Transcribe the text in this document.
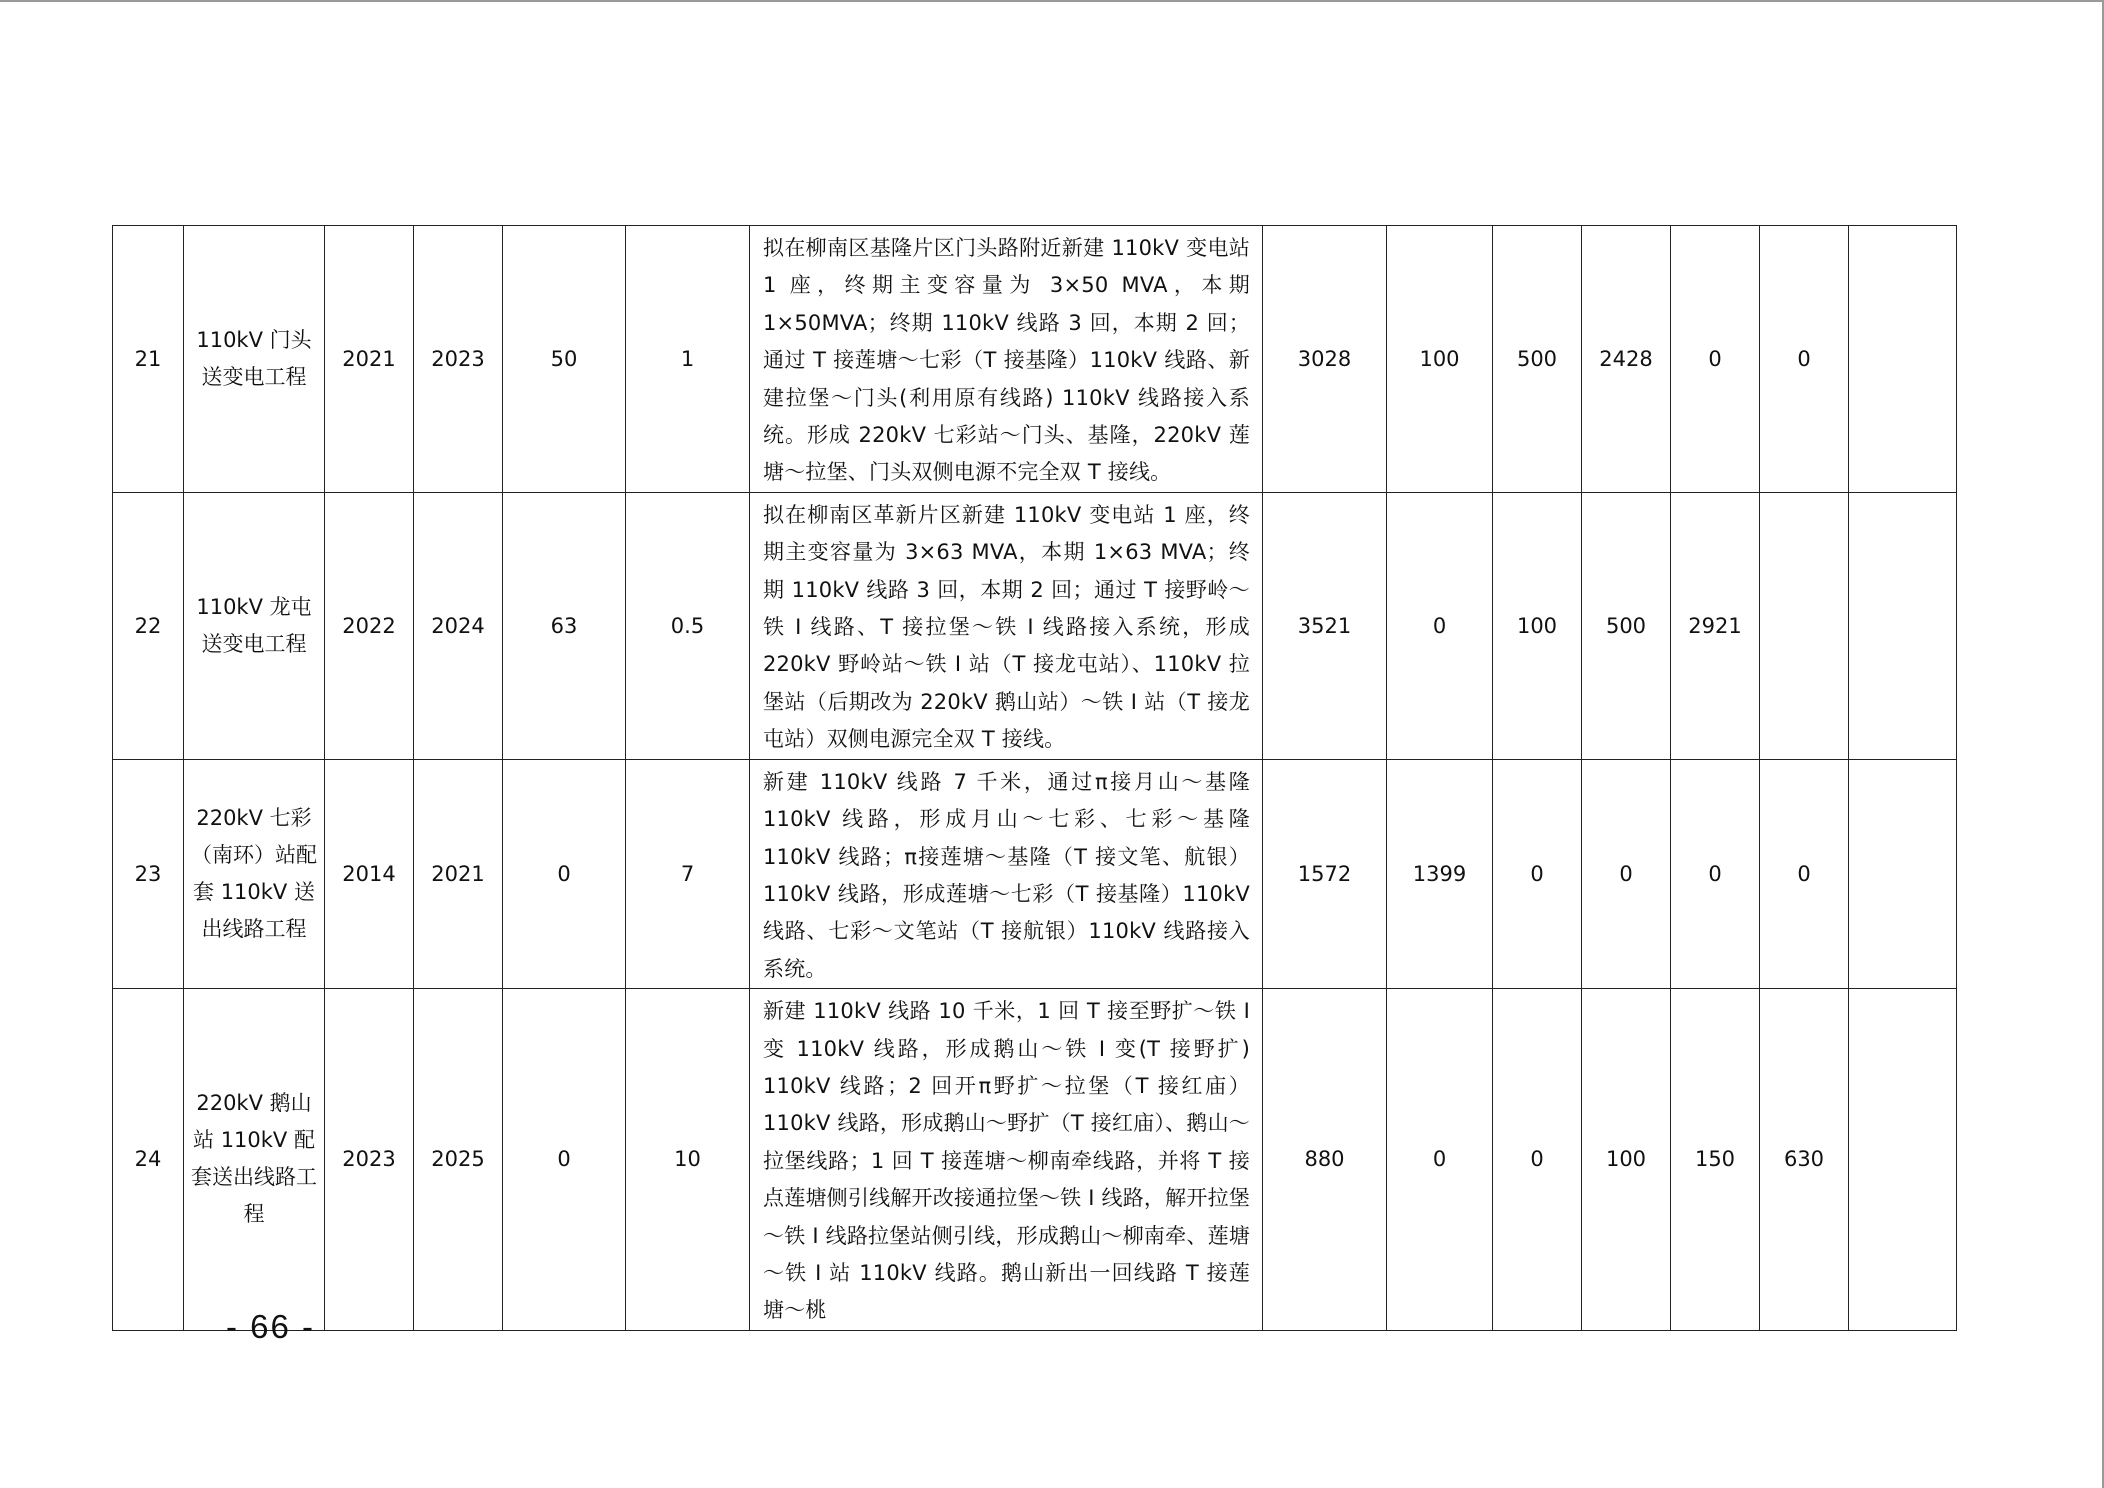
21	110kV 门头送变电工程	2021	2023	50	1	拟在柳南区基隆片区门头路附近新建 110kV 变电站 1 座，终期主变容量为 3×50 MVA，本期 1×50MVA；终期 110kV 线路 3 回，本期 2 回；通过 T 接莲塘～七彩（T 接基隆）110kV 线路、新建拉堡～门头(利用原有线路) 110kV 线路接入系统。形成 220kV 七彩站～门头、基隆，220kV 莲塘～拉堡、门头双侧电源不完全双 T 接线。	3028	100	500	2428	0	0	
22	110kV 龙屯送变电工程	2022	2024	63	0.5	拟在柳南区革新片区新建 110kV 变电站 1 座，终期主变容量为 3×63 MVA，本期 1×63 MVA；终期 110kV 线路 3 回，本期 2 回；通过 T 接野岭～铁 I 线路、T 接拉堡～铁 I 线路接入系统，形成 220kV 野岭站～铁 I 站（T 接龙屯站）、110kV 拉堡站（后期改为 220kV 鹅山站）～铁 I 站（T 接龙屯站）双侧电源完全双 T 接线。	3521	0	100	500	2921		
23	220kV 七彩（南环）站配套 110kV 送出线路工程	2014	2021	0	7	新建 110kV 线路 7 千米，通过π接月山～基隆 110kV 线路，形成月山～七彩、七彩～基隆 110kV 线路；π接莲塘～基隆（T 接文笔、航银）110kV 线路，形成莲塘～七彩（T 接基隆）110kV 线路、七彩～文笔站（T 接航银）110kV 线路接入系统。	1572	1399	0	0	0	0	
24	220kV 鹅山站 110kV 配套送出线路工程	2023	2025	0	10	新建 110kV 线路 10 千米，1 回 T 接至野扩～铁 I 变 110kV 线路，形成鹅山～铁 I 变(T 接野扩) 110kV 线路；2 回开π野扩～拉堡（T 接红庙）110kV 线路，形成鹅山～野扩（T 接红庙）、鹅山～拉堡线路；1 回 T 接莲塘～柳南牵线路，并将 T 接点莲塘侧引线解开改接通拉堡～铁 I 线路，解开拉堡～铁 I 线路拉堡站侧引线，形成鹅山～柳南牵、莲塘～铁 I 站 110kV 线路。鹅山新出一回线路 T 接莲塘～桃	880	0	0	100	150	630	
- 66 -
